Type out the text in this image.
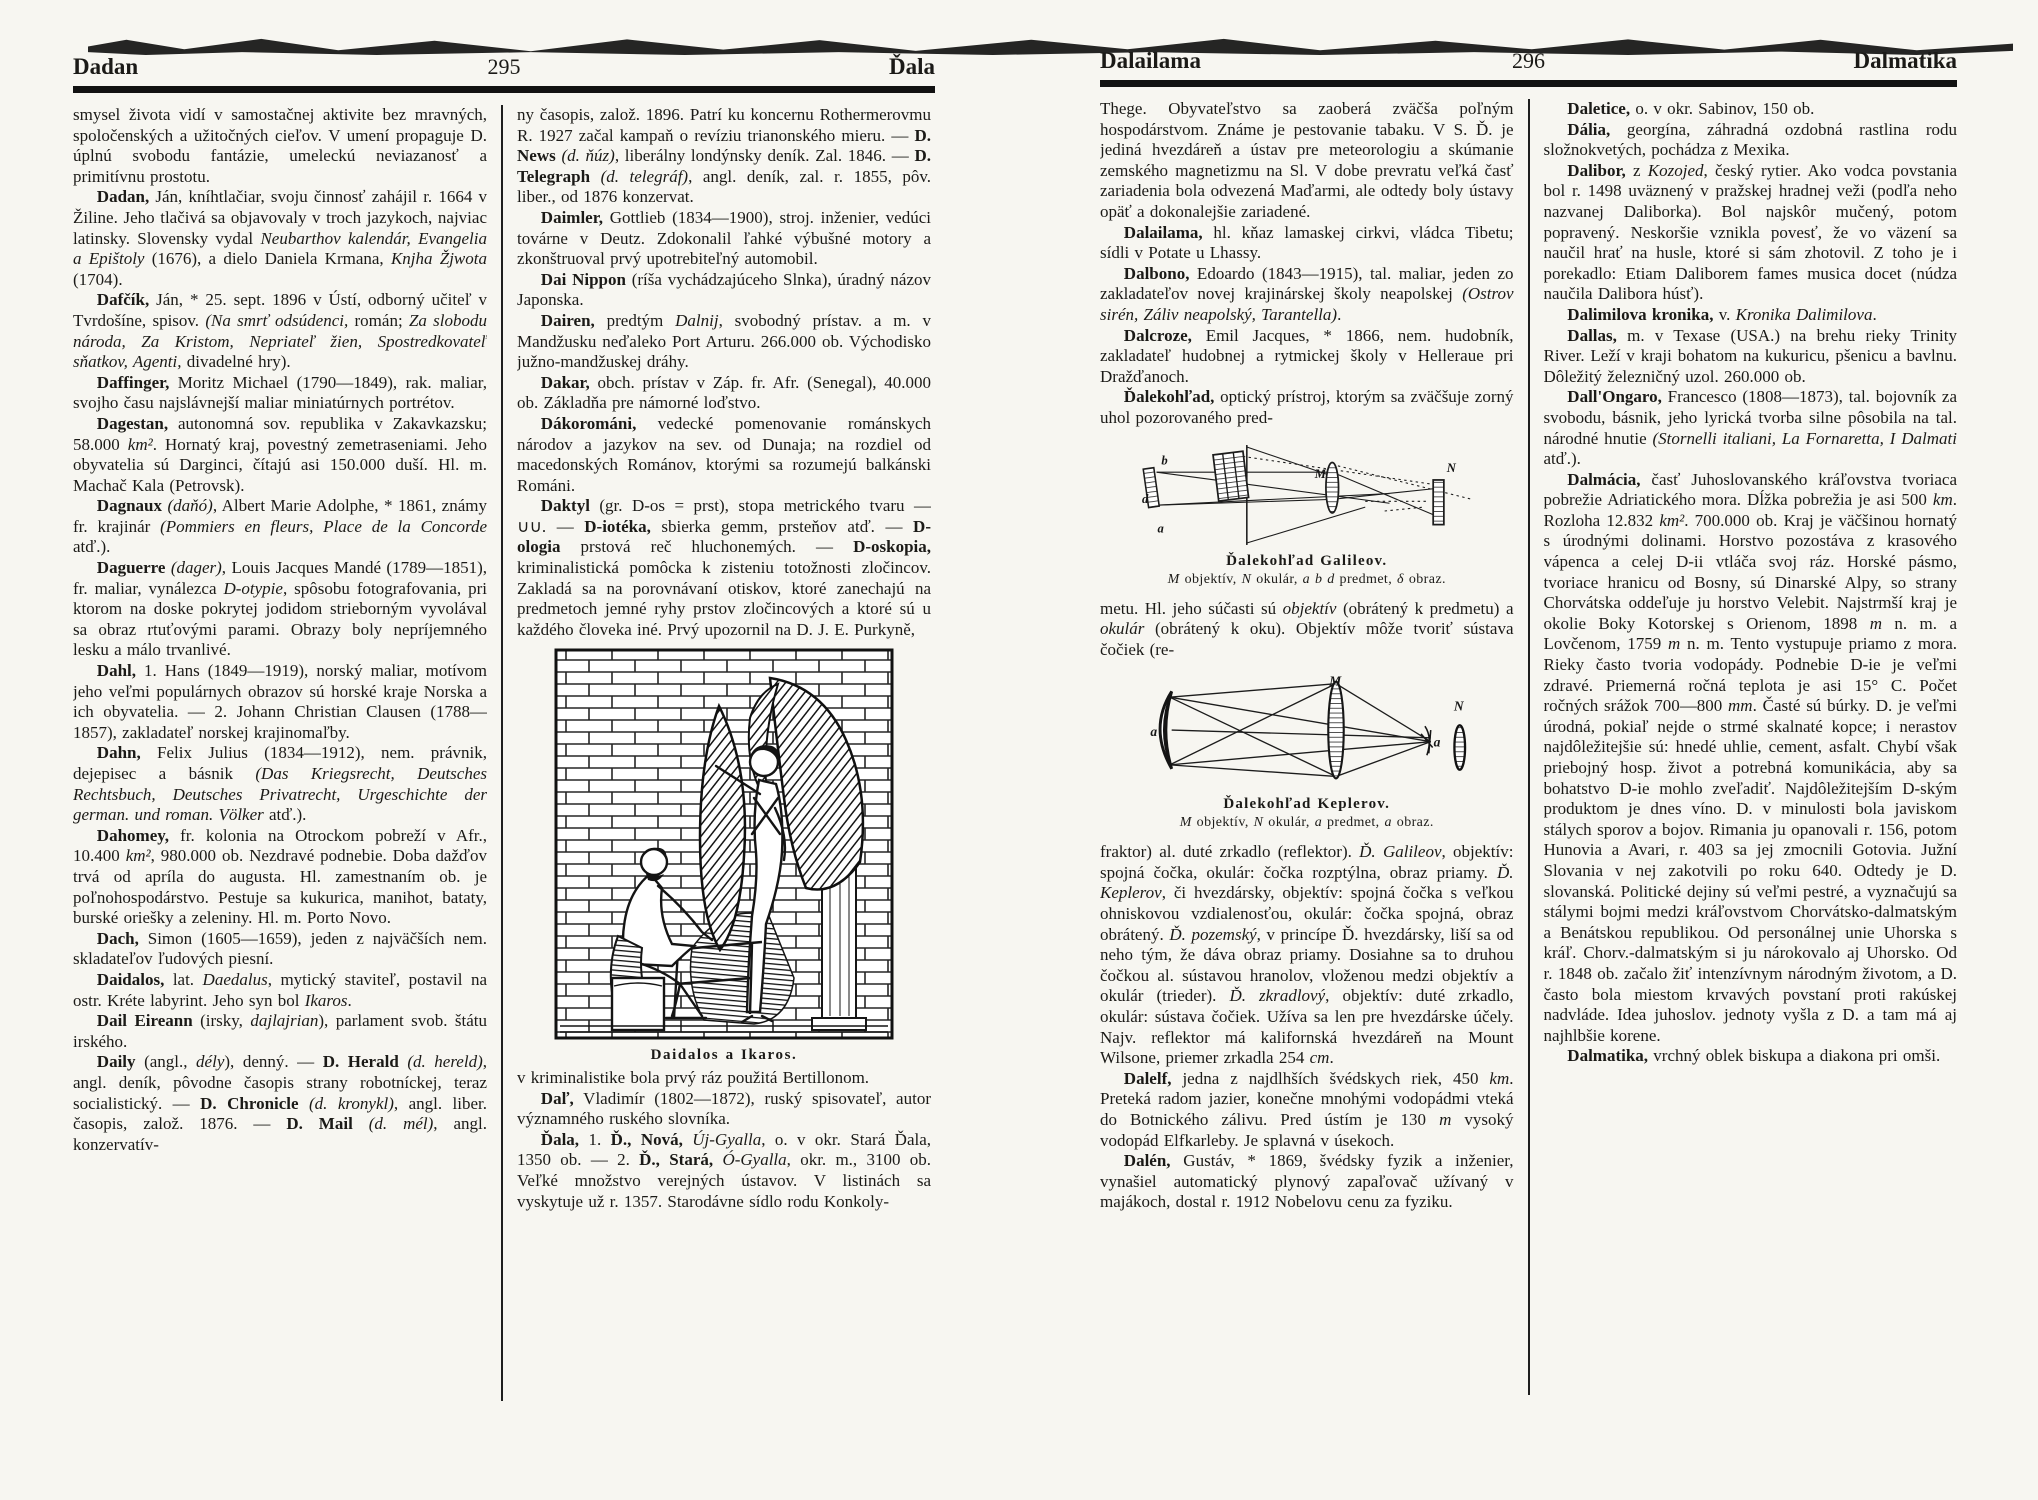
Dadan	295	Ďala

smysel života vidí v samostačnej aktivite bez mravných, spoločenských a užitočných cieľov. V umení propaguje D. úplnú svobodu fantázie, umeleckú neviazanosť a primitívnu prostotu.

Dadan, Ján, kníhtlačiar, svoju činnosť zahájil r. 1664 v Žiline. Jeho tlačivá sa objavovaly v troch jazykoch, najviac latinsky. Slovensky vydal Neubarthov kalendár, Evangelia a Epištoly (1676), a dielo Daniela Krmana, Knjha Žjwota (1704).

Dafčík, Ján, * 25. sept. 1896 v Ústí, odborný učiteľ v Tvrdošíne, spisov. (Na smrť odsúdenci, román; Za slobodu národa, Za Kristom, Nepriateľ žien, Spostredkovateľ sňatkov, Agenti, divadelné hry).

Daffinger, Moritz Michael (1790—1849), rak. maliar, svojho času najslávnejší maliar miniatúrnych portrétov.

Dagestan, autonomná sov. republika v Zakavkazsku; 58.000 km². Hornatý kraj, povestný zemetraseniami. Jeho obyvatelia sú Darginci, čítajú asi 150.000 duší. Hl. m. Machač Kala (Petrovsk).

Dagnaux (daňó), Albert Marie Adolphe, * 1861, známy fr. krajinár (Pommiers en fleurs, Place de la Concorde atď.).

Daguerre (dager), Louis Jacques Mandé (1789—1851), fr. maliar, vynálezca D-otypie, spôsobu fotografovania, pri ktorom na doske pokrytej jodidom strieborným vyvolával sa obraz rtuťovými parami. Obrazy boly nepríjemného lesku a málo trvanlivé.

Dahl, 1. Hans (1849—1919), norský maliar, motívom jeho veľmi populárnych obrazov sú horské kraje Norska a ich obyvatelia. — 2. Johann Christian Clausen (1788—1857), zakladateľ norskej krajinomaľby.

Dahn, Felix Julius (1834—1912), nem. právnik, dejepisec a básnik (Das Kriegsrecht, Deutsches Rechtsbuch, Deutsches Privatrecht, Urgeschichte der german. und roman. Völker atď.).

Dahomey, fr. kolonia na Otrockom pobreží v Afr., 10.400 km², 980.000 ob. Nezdravé podnebie. Doba dažďov trvá od apríla do augusta. Hl. zamestnaním ob. je poľnohospodárstvo. Pestuje sa kukurica, manihot, bataty, burské oriešky a zeleniny. Hl. m. Porto Novo.

Dach, Simon (1605—1659), jeden z najväčších nem. skladateľov ľudových piesní.

Daidalos, lat. Daedalus, mytický staviteľ, postavil na ostr. Kréte labyrint. Jeho syn bol Ikaros.

Dail Eireann (irsky, dajlajrian), parlament svob. štátu irského.

Daily (angl., dély), denný. — D. Herald (d. hereld), angl. deník, pôvodne časopis strany robotníckej, teraz socialistický. — D. Chronicle (d. kronykl), angl. liber. časopis, založ. 1876. — D. Mail (d. mél), angl. konzervatív-

ny časopis, založ. 1896. Patrí ku koncernu Rothermerovmu R. 1927 začal kampaň o revíziu trianonského mieru. — D. News (d. ňúz), liberálny londýnsky deník. Zal. 1846. — D. Telegraph (d. telegráf), angl. deník, zal. r. 1855, pôv. liber., od 1876 konzervat.

Daimler, Gottlieb (1834—1900), stroj. inženier, vedúci továrne v Deutz. Zdokonalil ľahké výbušné motory a zkonštruoval prvý upotrebiteľný automobil.

Dai Nippon (ríša vychádzajúceho Slnka), úradný názov Japonska.

Dairen, predtým Dalnij, svobodný prístav. a m. v Mandžusku neďaleko Port Arturu. 266.000 ob. Východisko južno-mandžuskej dráhy.

Dakar, obch. prístav v Záp. fr. Afr. (Senegal), 40.000 ob. Základňa pre námorné loďstvo.

Dákorománi, vedecké pomenovanie románskych národov a jazykov na sev. od Dunaja; na rozdiel od macedonských Románov, ktorými sa rozumejú balkánski Románi.

Daktyl (gr. D-os = prst), stopa metrického tvaru — ∪∪. — D-iotéka, sbierka gemm, prsteňov atď. — D-ologia prstová reč hluchonemých. — D-oskopia, kriminalistická pomôcka k zisteniu totožnosti zločincov. Zakladá sa na porovnávaní otiskov, ktoré zanechajú na predmetoch jemné ryhy prstov zločincových a ktoré sú u každého človeka iné. Prvý upozornil na D. J. E. Purkyně,

Daidalos a Ikaros.

v kriminalistike bola prvý ráz použitá Bertillonom.

Daľ, Vladimír (1802—1872), ruský spisovateľ, autor významného ruského slovníka.

Ďala, 1. Ď., Nová, Új-Gyalla, o. v okr. Stará Ďala, 1350 ob. — 2. Ď., Stará, Ó-Gyalla, okr. m., 3100 ob. Veľké množstvo verejných ústavov. V listinách sa vyskytuje už r. 1357. Starodávne sídlo rodu Konkoly-

Dalailama	296	Dalmatika

Thege. Obyvateľstvo sa zaoberá zväčša poľným hospodárstvom. Známe je pestovanie tabaku. V S. Ď. je jediná hvezdáreň a ústav pre meteorologiu a skúmanie zemského magnetizmu na Sl. V dobe prevratu veľká časť zariadenia bola odvezená Maďarmi, ale odtedy boly ústavy opäť a dokonalejšie zariadené.

Dalailama, hl. kňaz lamaskej cirkvi, vládca Tibetu; sídli v Potate u Lhassy.

Dalbono, Edoardo (1843—1915), tal. maliar, jeden zo zakladateľov novej krajinárskej školy neapolskej (Ostrov sirén, Záliv neapolský, Tarantella).

Dalcroze, Emil Jacques, * 1866, nem. hudobník, zakladateľ hudobnej a rytmickej školy v Helleraue pri Dražďanoch.

Ďalekohľad, optický prístroj, ktorým sa zväčšuje zorný uhol pozorovaného pred-

b
d
a
M	N
Ďalekohľad Galileov.
M objektív, N okulár, a b d predmet, δ obraz.

metu. Hl. jeho súčasti sú objektív (obrátený k predmetu) a okulár (obrátený k oku). Objektív môže tvoriť sústava čočiek (re-

a
M
a
N
Ďalekohľad Keplerov.
M objektív, N okulár, a predmet, a obraz.

fraktor) al. duté zrkadlo (reflektor). Ď. Galileov, objektív: spojná čočka, okulár: čočka rozptýlna, obraz priamy. Ď. Keplerov, či hvezdársky, objektív: spojná čočka s veľkou ohniskovou vzdialenosťou, okulár: čočka spojná, obraz obrátený. Ď. pozemský, v princípe Ď. hvezdársky, liší sa od neho tým, že dáva obraz priamy. Dosiahne sa to druhou čočkou al. sústavou hranolov, vloženou medzi objektív a okulár (trieder). Ď. zkradlový, objektív: duté zrkadlo, okulár: sústava čočiek. Užíva sa len pre hvezdárske účely. Najv. reflektor má kalifornská hvezdáreň na Mount Wilsone, priemer zrkadla 254 cm.

Dalelf, jedna z najdlhších švédskych riek, 450 km. Preteká radom jazier, konečne mnohými vodopádmi vteká do Botnického zálivu. Pred ústím je 130 m vysoký vodopád Elfkarleby. Je splavná v úsekoch.

Dalén, Gustáv, * 1869, švédsky fyzik a inženier, vynašiel automatický plynový zapaľovač užívaný v majákoch, dostal r. 1912 Nobelovu cenu za fyziku.

Daletice, o. v okr. Sabinov, 150 ob.

Dália, georgína, záhradná ozdobná rastlina rodu složnokvetých, pochádza z Mexika.

Dalibor, z Kozojed, český rytier. Ako vodca povstania bol r. 1498 uväznený v pražskej hradnej veži (podľa neho nazvanej Daliborka). Bol najskôr mučený, potom popravený. Neskoršie vznikla povesť, že vo väzení sa naučil hrať na husle, ktoré si sám zhotovil. Z toho je i porekadlo: Etiam Daliborem fames musica docet (núdza naučila Dalibora húsť).

Dalimilova kronika, v. Kronika Dalimilova.

Dallas, m. v Texase (USA.) na brehu rieky Trinity River. Leží v kraji bohatom na kukuricu, pšenicu a bavlnu. Dôležitý železničný uzol. 260.000 ob.

Dall'Ongaro, Francesco (1808—1873), tal. bojovník za svobodu, básnik, jeho lyrická tvorba silne pôsobila na tal. národné hnutie (Stornelli italiani, La Fornaretta, I Dalmati atď.).

Dalmácia, časť Juhoslovanského kráľovstva tvoriaca pobrežie Adriatického mora. Dĺžka pobrežia je asi 500 km. Rozloha 12.832 km². 700.000 ob. Kraj je väčšinou hornatý s úrodnými dolinami. Horstvo pozostáva z krasového vápenca a celej D-ii vtláča svoj ráz. Horské pásmo, tvoriace hranicu od Bosny, sú Dinarské Alpy, so strany Chorvátska oddeľuje ju horstvo Velebit. Najstrmší kraj je okolie Boky Kotorskej s Orienom, 1898 m n. m. a Lovčenom, 1759 m n. m. Tento vystupuje priamo z mora. Rieky často tvoria vodopády. Podnebie D-ie je veľmi zdravé. Priemerná ročná teplota je asi 15° C. Počet ročných srážok 700—800 mm. Časté sú búrky. D. je veľmi úrodná, pokiaľ nejde o strmé skalnaté kopce; i nerastov najdôležitejšie sú: hnedé uhlie, cement, asfalt. Chybí však priebojný hosp. život a potrebná komunikácia, aby sa bohatstvo D-ie mohlo zveľadiť. Najdôležitejším D-ským produktom je dnes víno. D. v minulosti bola javiskom stálych sporov a bojov. Rimania ju opanovali r. 156, potom Hunovia a Avari, r. 403 sa jej zmocnili Gotovia. Južní Slovania v nej zakotvili po roku 640. Odtedy je D. slovanská. Politické dejiny sú veľmi pestré, a vyznačujú sa stálymi bojmi medzi kráľovstvom Chorvátsko-dalmatským a Benátskou republikou. Od personálnej unie Uhorska s kráľ. Chorv.-dalmatským si ju nárokovalo aj Uhorsko. Od r. 1848 ob. začalo žiť intenzívnym národným životom, a D. často bola miestom krvavých povstaní proti rakúskej nadvláde. Idea juhoslov. jednoty vyšla z D. a tam má aj najhlbšie korene.

Dalmatika, vrchný oblek biskupa a diakona pri omši.
